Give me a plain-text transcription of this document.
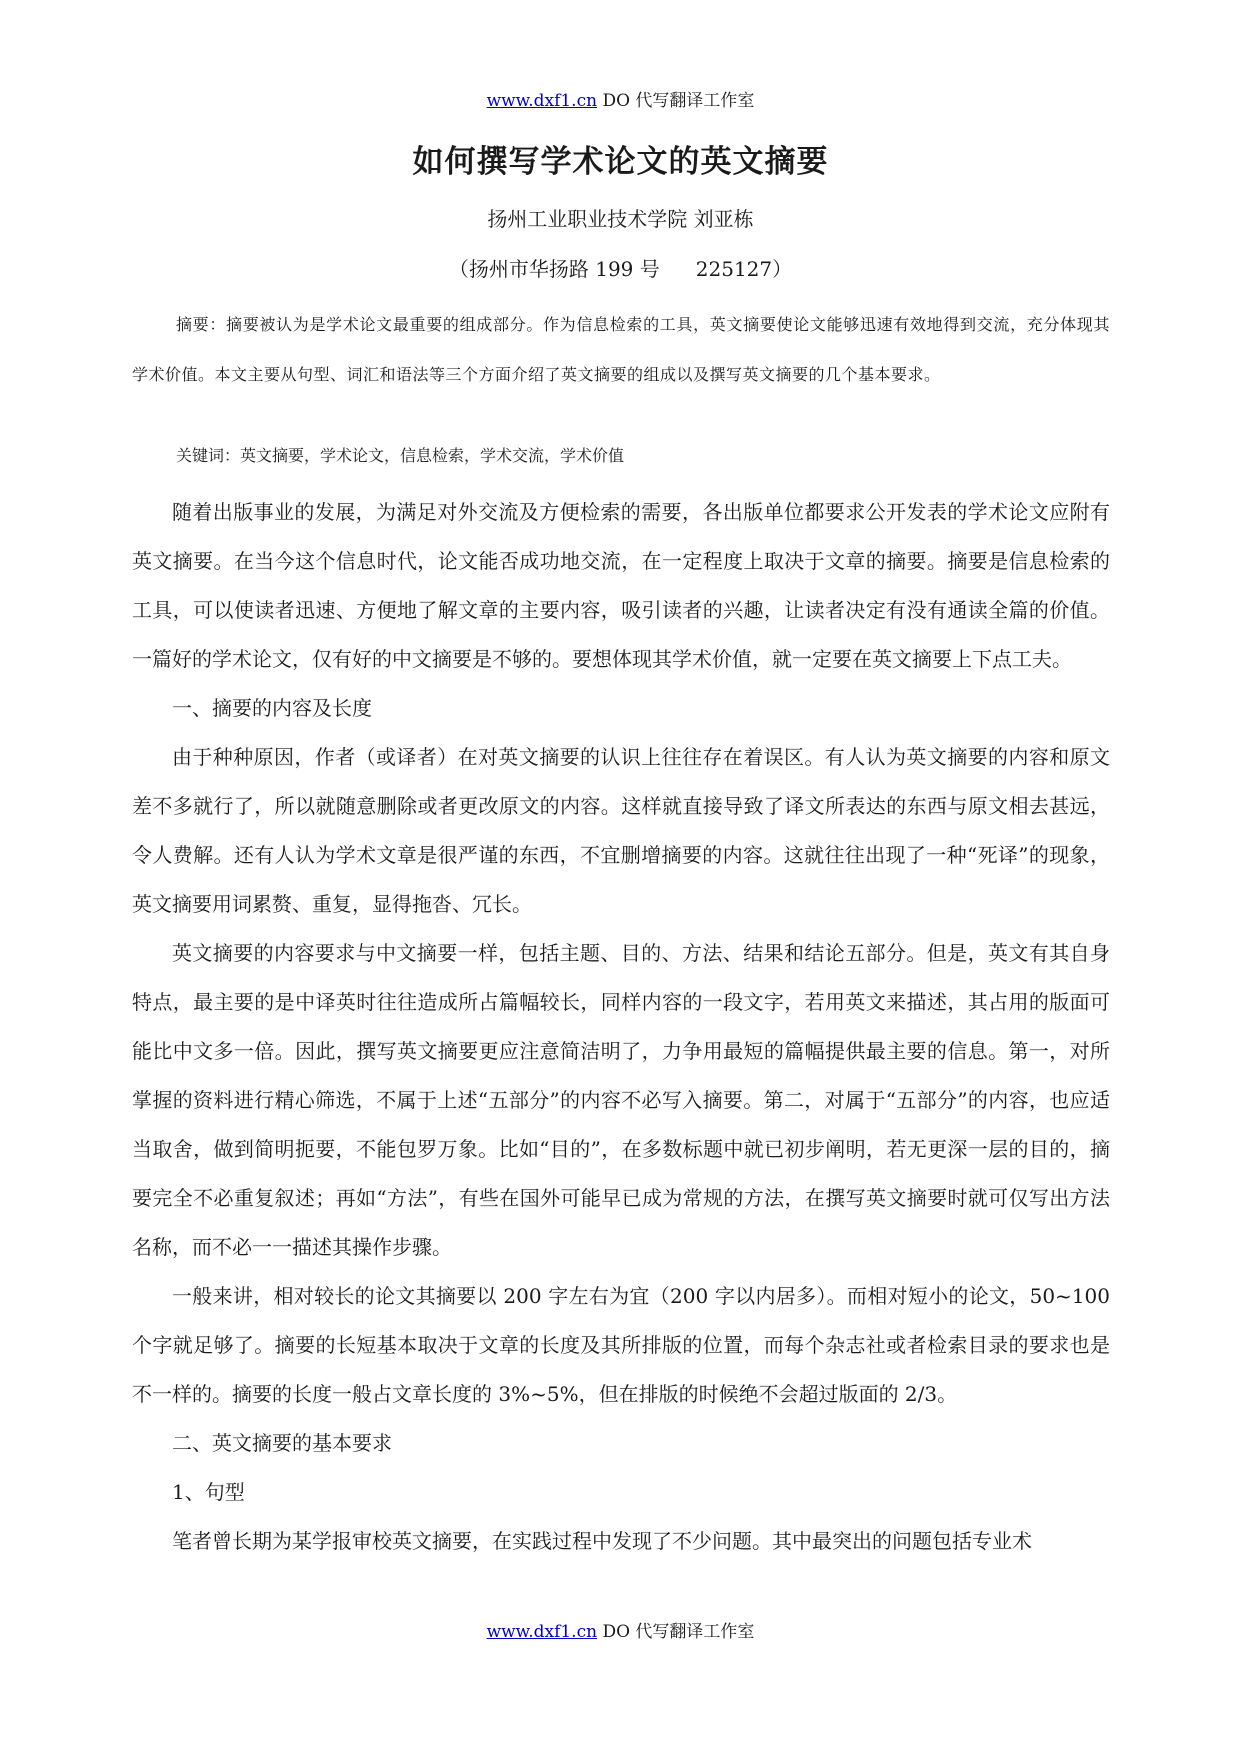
www.dxf1.cn DO 代写翻译工作室
如何撰写学术论文的英文摘要
扬州工业职业技术学院 刘亚栋
（扬州市华扬路 199 号 225127）
摘要：摘要被认为是学术论文最重要的组成部分。作为信息检索的工具，英文摘要使论文能够迅速有效地得到交流，充分体现其学术价值。本文主要从句型、词汇和语法等三个方面介绍了英文摘要的组成以及撰写英文摘要的几个基本要求。
关键词：英文摘要，学术论文，信息检索，学术交流，学术价值

随着出版事业的发展，为满足对外交流及方便检索的需要，各出版单位都要求公开发表的学术论文应附有英文摘要。在当今这个信息时代，论文能否成功地交流，在一定程度上取决于文章的摘要。摘要是信息检索的工具，可以使读者迅速、方便地了解文章的主要内容，吸引读者的兴趣，让读者决定有没有通读全篇的价值。一篇好的学术论文，仅有好的中文摘要是不够的。要想体现其学术价值，就一定要在英文摘要上下点工夫。

一、摘要的内容及长度

由于种种原因，作者（或译者）在对英文摘要的认识上往往存在着误区。有人认为英文摘要的内容和原文差不多就行了，所以就随意删除或者更改原文的内容。这样就直接导致了译文所表达的东西与原文相去甚远，令人费解。还有人认为学术文章是很严谨的东西，不宜删增摘要的内容。这就往往出现了一种“死译”的现象，英文摘要用词累赘、重复，显得拖沓、冗长。

英文摘要的内容要求与中文摘要一样，包括主题、目的、方法、结果和结论五部分。但是，英文有其自身特点，最主要的是中译英时往往造成所占篇幅较长，同样内容的一段文字，若用英文来描述，其占用的版面可能比中文多一倍。因此，撰写英文摘要更应注意简洁明了，力争用最短的篇幅提供最主要的信息。第一，对所掌握的资料进行精心筛选，不属于上述“五部分”的内容不必写入摘要。第二，对属于“五部分”的内容，也应适当取舍，做到简明扼要，不能包罗万象。比如“目的”，在多数标题中就已初步阐明，若无更深一层的目的，摘要完全不必重复叙述；再如“方法”，有些在国外可能早已成为常规的方法，在撰写英文摘要时就可仅写出方法名称，而不必一一描述其操作步骤。

一般来讲，相对较长的论文其摘要以 200 字左右为宜（200 字以内居多）。而相对短小的论文，50~100 个字就足够了。摘要的长短基本取决于文章的长度及其所排版的位置，而每个杂志社或者检索目录的要求也是不一样的。摘要的长度一般占文章长度的 3%~5%，但在排版的时候绝不会超过版面的 2/3。

二、英文摘要的基本要求

1、句型

笔者曾长期为某学报审校英文摘要，在实践过程中发现了不少问题。其中最突出的问题包括专业术

www.dxf1.cn DO 代写翻译工作室
